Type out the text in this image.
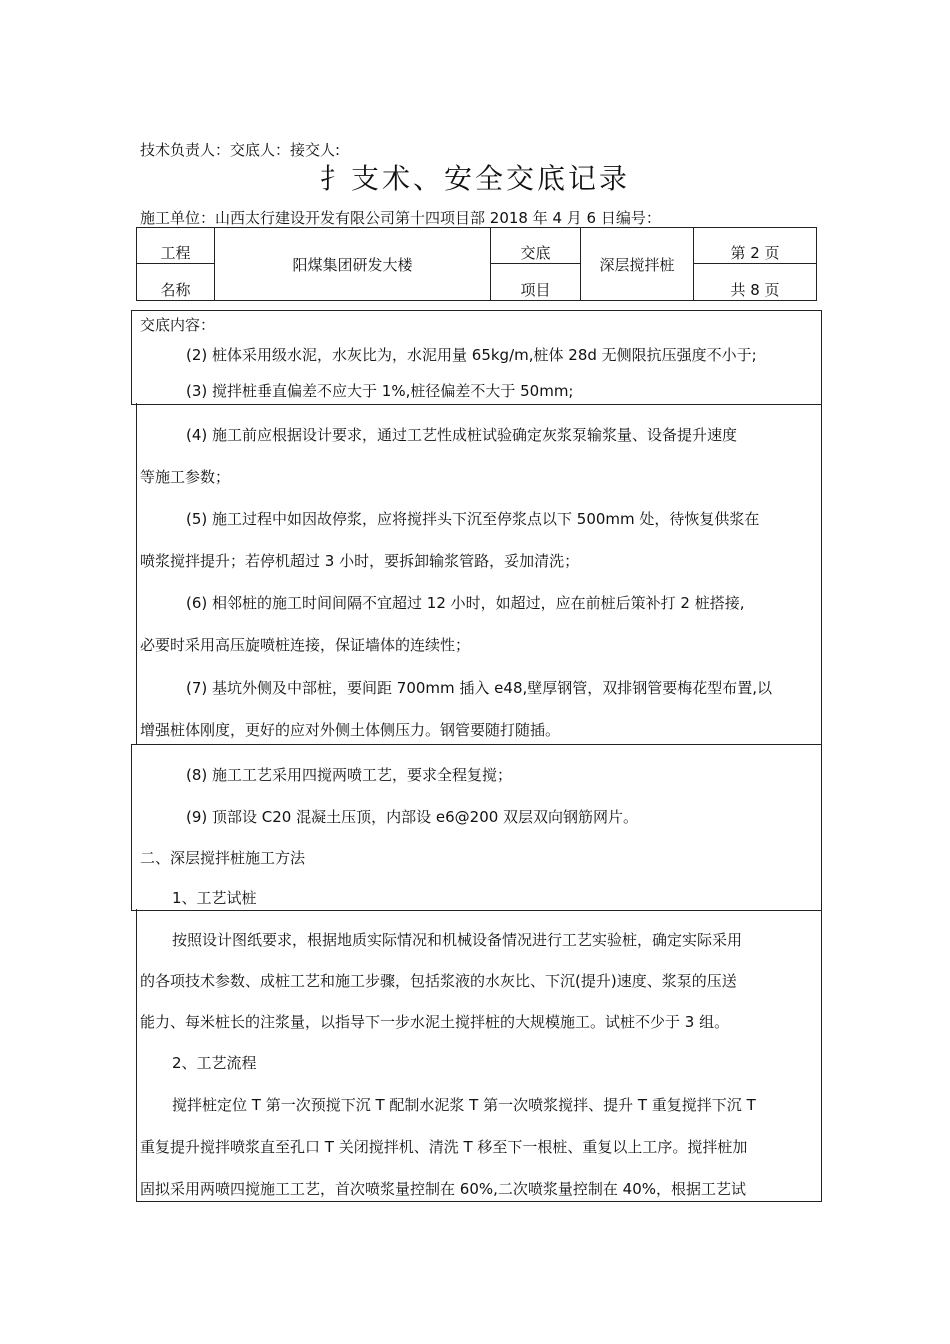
技术负责人：交底人：接交人:
扌支术、安全交底记录
施工单位：山西太行建设开发有限公司第十四项目部 2018 年 4 月 6 日编号：
工程	阳煤集团研发大楼	交底	深层搅拌桩	第 2 页
名称		项目		共 8 页
交底内容：
(2) 桩体采用级水泥，水灰比为，水泥用量 65kg/m,桩体 28d 无侧限抗压强度不小于;
(3) 搅拌桩垂直偏差不应大于 1%,桩径偏差不大于 50mm;
(4) 施工前应根据设计要求，通过工艺性成桩试验确定灰浆泵输浆量、设备提升速度
等施工参数；
(5) 施工过程中如因故停浆，应将搅拌头下沉至停浆点以下 500mm 处，待恢复供浆在
喷浆搅拌提升；若停机超过 3 小时，要拆卸输浆管路，妥加清洗；
(6) 相邻桩的施工时间间隔不宜超过 12 小时，如超过，应在前桩后策补打 2 桩搭接,
必要时采用高压旋喷桩连接，保证墙体的连续性；
(7) 基坑外侧及中部桩，要间距 700mm 插入 e48,壁厚钢管，双排钢管要梅花型布置,以
增强桩体刚度，更好的应对外侧土体侧压力。钢管要随打随插。
(8) 施工工艺采用四搅两喷工艺，要求全程复搅；
(9) 顶部设 C20 混凝土压顶，内部设 e6@200 双层双向钢筋网片。
二、深层搅拌桩施工方法
1、工艺试桩
按照设计图纸要求，根据地质实际情况和机械设备情况进行工艺实验桩，确定实际采用
的各项技术参数、成桩工艺和施工步骤，包括浆液的水灰比、下沉(提升)速度、浆泵的压送
能力、每米桩长的注浆量，以指导下一步水泥土搅拌桩的大规模施工。试桩不少于 3 组。
2、工艺流程
搅拌桩定位 T 第一次预搅下沉 T 配制水泥浆 T 第一次喷浆搅拌、提升 T 重复搅拌下沉 T
重复提升搅拌喷浆直至孔口 T 关闭搅拌机、清洗 T 移至下一根桩、重复以上工序。搅拌桩加
固拟采用两喷四搅施工工艺，首次喷浆量控制在 60%,二次喷浆量控制在 40%，根据工艺试
